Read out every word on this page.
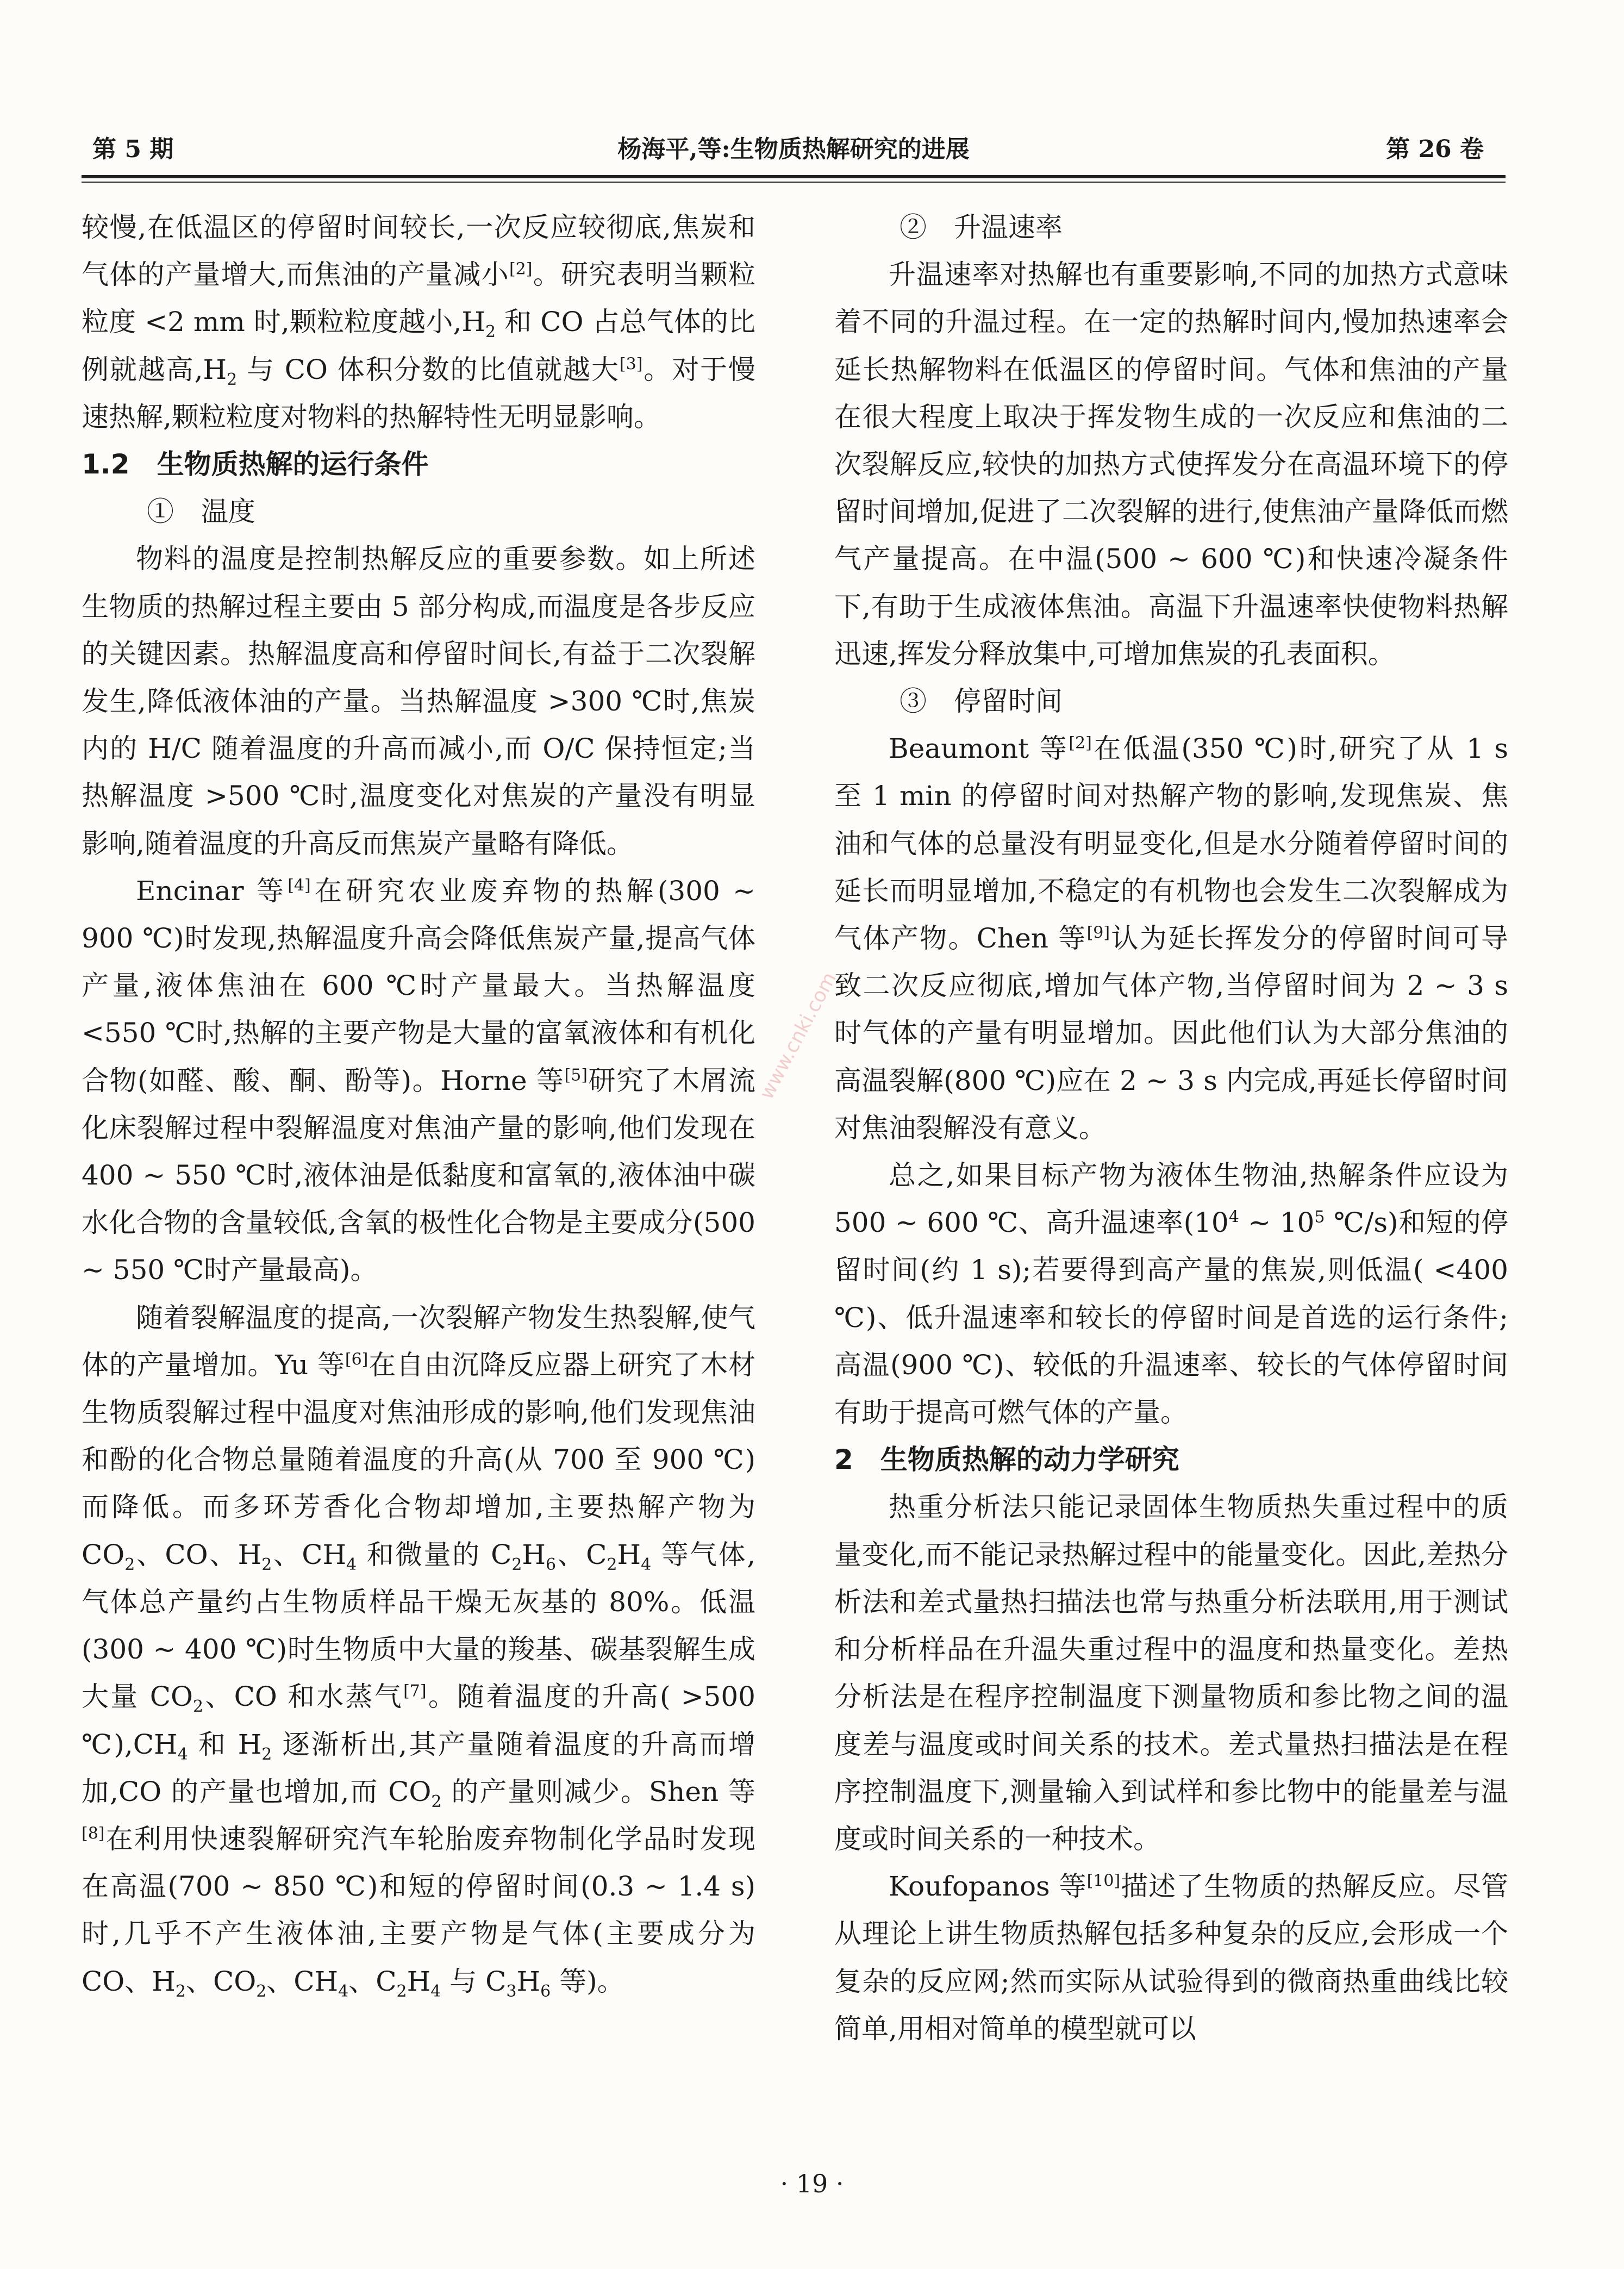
第 5 期	杨海平,等:生物质热解研究的进展	第 26 卷
www.cnki.com

较慢,在低温区的停留时间较长,一次反应较彻底,焦炭和气体的产量增大,而焦油的产量减小[2]。研究表明当颗粒粒度 <2 mm 时,颗粒粒度越小$,H_2$ 和 CO 占总气体的比例就越高$,H_2$ 与 CO 体积分数的比值就越大[3]。对于慢速热解,颗粒粒度对物料的热解特性无明显影响。

1.2　生物质热解的运行条件

①　温度

物料的温度是控制热解反应的重要参数。如上所述生物质的热解过程主要由 5 部分构成,而温度是各步反应的关键因素。热解温度高和停留时间长,有益于二次裂解发生,降低液体油的产量。当热解温度 >300 ℃时,焦炭内的 H/C 随着温度的升高而减小,而 O/C 保持恒定;当热解温度 >500 ℃时,温度变化对焦炭的产量没有明显影响,随着温度的升高反而焦炭产量略有降低。

Encinar 等[4]在研究农业废弃物的热解(300 ~ 900 ℃)时发现,热解温度升高会降低焦炭产量,提高气体产量,液体焦油在 600 ℃时产量最大。当热解温度 <550 ℃时,热解的主要产物是大量的富氧液体和有机化合物(如醛、酸、酮、酚等)。Horne 等[5]研究了木屑流化床裂解过程中裂解温度对焦油产量的影响,他们发现在 400 ~ 550 ℃时,液体油是低黏度和富氧的,液体油中碳水化合物的含量较低,含氧的极性化合物是主要成分(500 ~ 550 ℃时产量最高)。

随着裂解温度的提高,一次裂解产物发生热裂解,使气体的产量增加。Yu 等[6]在自由沉降反应器上研究了木材生物质裂解过程中温度对焦油形成的影响,他们发现焦油和酚的化合物总量随着温度的升高(从 700 至 900 ℃)而降低。而多环芳香化合物却增加,主要热解产物为 $CO_2$、CO、$H_2$、$CH_4$ 和微量的 $C_2H_6$、$C_2H_4$ 等气体,气体总产量约占生物质样品干燥无灰基的 80%。低温(300 ~ 400 ℃)时生物质中大量的羧基、碳基裂解生成大量 $CO_2$、CO 和水蒸气[7]。随着温度的升高( >500 $℃),CH_4$ 和 $H_2$ 逐渐析出,其产量随着温度的升高而增加,CO 的产量也增加,而 $CO_2$ 的产量则减少。Shen 等[8]在利用快速裂解研究汽车轮胎废弃物制化学品时发现在高温(700 ~ 850 ℃)和短的停留时间(0.3 ~ 1.4 s)时,几乎不产生液体油,主要产物是气体(主要成分为 CO、$H_2$、$CO_2$、$CH_4$、$C_2H_4$ 与 $C_3H_6$ 等)。

②　升温速率

升温速率对热解也有重要影响,不同的加热方式意味着不同的升温过程。在一定的热解时间内,慢加热速率会延长热解物料在低温区的停留时间。气体和焦油的产量在很大程度上取决于挥发物生成的一次反应和焦油的二次裂解反应,较快的加热方式使挥发分在高温环境下的停留时间增加,促进了二次裂解的进行,使焦油产量降低而燃气产量提高。在中温(500 ~ 600 ℃)和快速冷凝条件下,有助于生成液体焦油。高温下升温速率快使物料热解迅速,挥发分释放集中,可增加焦炭的孔表面积。

③　停留时间

Beaumont 等[2]在低温(350 ℃)时,研究了从 1 s 至 1 min 的停留时间对热解产物的影响,发现焦炭、焦油和气体的总量没有明显变化,但是水分随着停留时间的延长而明显增加,不稳定的有机物也会发生二次裂解成为气体产物。Chen 等[9]认为延长挥发分的停留时间可导致二次反应彻底,增加气体产物,当停留时间为 2 ~ 3 s 时气体的产量有明显增加。因此他们认为大部分焦油的高温裂解(800 ℃)应在 2 ~ 3 s 内完成,再延长停留时间对焦油裂解没有意义。

总之,如果目标产物为液体生物油,热解条件应设为 500 ~ 600 ℃、高升温速率($10^4$ ~ $10^5$ ℃/s)和短的停留时间(约 1 s);若要得到高产量的焦炭,则低温( <400 ℃)、低升温速率和较长的停留时间是首选的运行条件;高温(900 ℃)、较低的升温速率、较长的气体停留时间有助于提高可燃气体的产量。

2　生物质热解的动力学研究

热重分析法只能记录固体生物质热失重过程中的质量变化,而不能记录热解过程中的能量变化。因此,差热分析法和差式量热扫描法也常与热重分析法联用,用于测试和分析样品在升温失重过程中的温度和热量变化。差热分析法是在程序控制温度下测量物质和参比物之间的温度差与温度或时间关系的技术。差式量热扫描法是在程序控制温度下,测量输入到试样和参比物中的能量差与温度或时间关系的一种技术。

Koufopanos 等[10]描述了生物质的热解反应。尽管从理论上讲生物质热解包括多种复杂的反应,会形成一个复杂的反应网;然而实际从试验得到的微商热重曲线比较简单,用相对简单的模型就可以

· 19 ·
